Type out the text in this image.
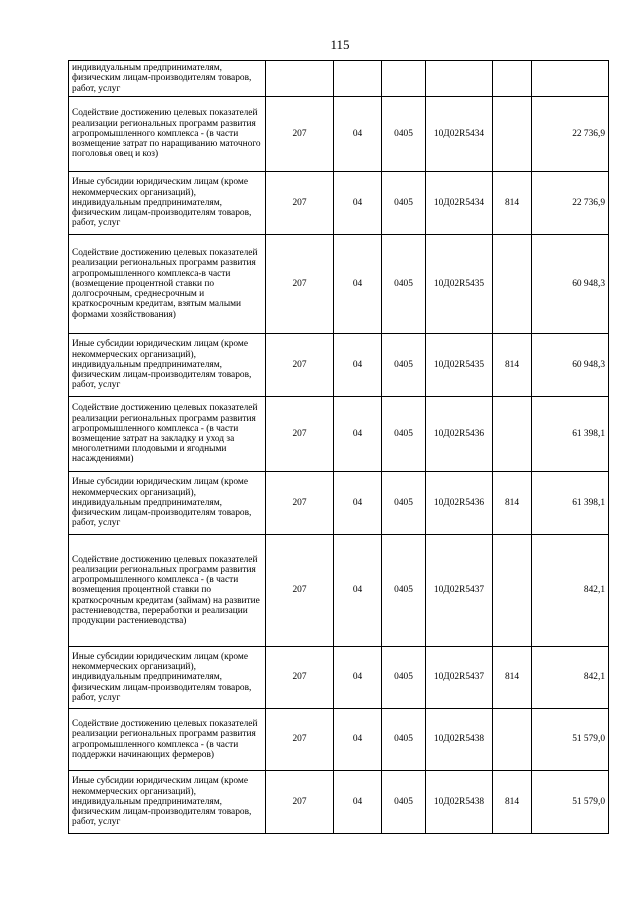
115
индивидуальным предпринимателям, физическим лицам-производителям товаров, работ, услуг						
Содействие достижению целевых показателей реализации региональных программ развития агропромышленного комплекса - (в части возмещение затрат по наращиванию маточного поголовья овец и коз)	207	04	0405	10Д02R5434		22 736,9
Иные субсидии юридическим лицам (кроме некоммерческих организаций), индивидуальным предпринимателям, физическим лицам-производителям товаров, работ, услуг	207	04	0405	10Д02R5434	814	22 736,9
Содействие достижению целевых показателей реализации региональных программ развития агропромышленного комплекса-в части (возмещение процентной ставки по долгосрочным, среднесрочным и краткосрочным кредитам, взятым малыми формами хозяйствования)	207	04	0405	10Д02R5435		60 948,3
Иные субсидии юридическим лицам (кроме некоммерческих организаций), индивидуальным предпринимателям, физическим лицам-производителям товаров, работ, услуг	207	04	0405	10Д02R5435	814	60 948,3
Содействие достижению целевых показателей реализации региональных программ развития агропромышленного комплекса - (в части возмещение затрат на закладку и уход за многолетними плодовыми и ягодными насаждениями)	207	04	0405	10Д02R5436		61 398,1
Иные субсидии юридическим лицам (кроме некоммерческих организаций), индивидуальным предпринимателям, физическим лицам-производителям товаров, работ, услуг	207	04	0405	10Д02R5436	814	61 398,1
Содействие достижению целевых показателей реализации региональных программ развития агропромышленного комплекса - (в части возмещения процентной ставки по краткосрочным кредитам (займам) на развитие растениеводства, переработки и реализации продукции растениеводства)	207	04	0405	10Д02R5437		842,1
Иные субсидии юридическим лицам (кроме некоммерческих организаций), индивидуальным предпринимателям, физическим лицам-производителям товаров, работ, услуг	207	04	0405	10Д02R5437	814	842,1
Содействие достижению целевых показателей реализации региональных программ развития агропромышленного комплекса - (в части поддержки начинающих фермеров)	207	04	0405	10Д02R5438		51 579,0
Иные субсидии юридическим лицам (кроме некоммерческих организаций), индивидуальным предпринимателям, физическим лицам-производителям товаров, работ, услуг	207	04	0405	10Д02R5438	814	51 579,0
